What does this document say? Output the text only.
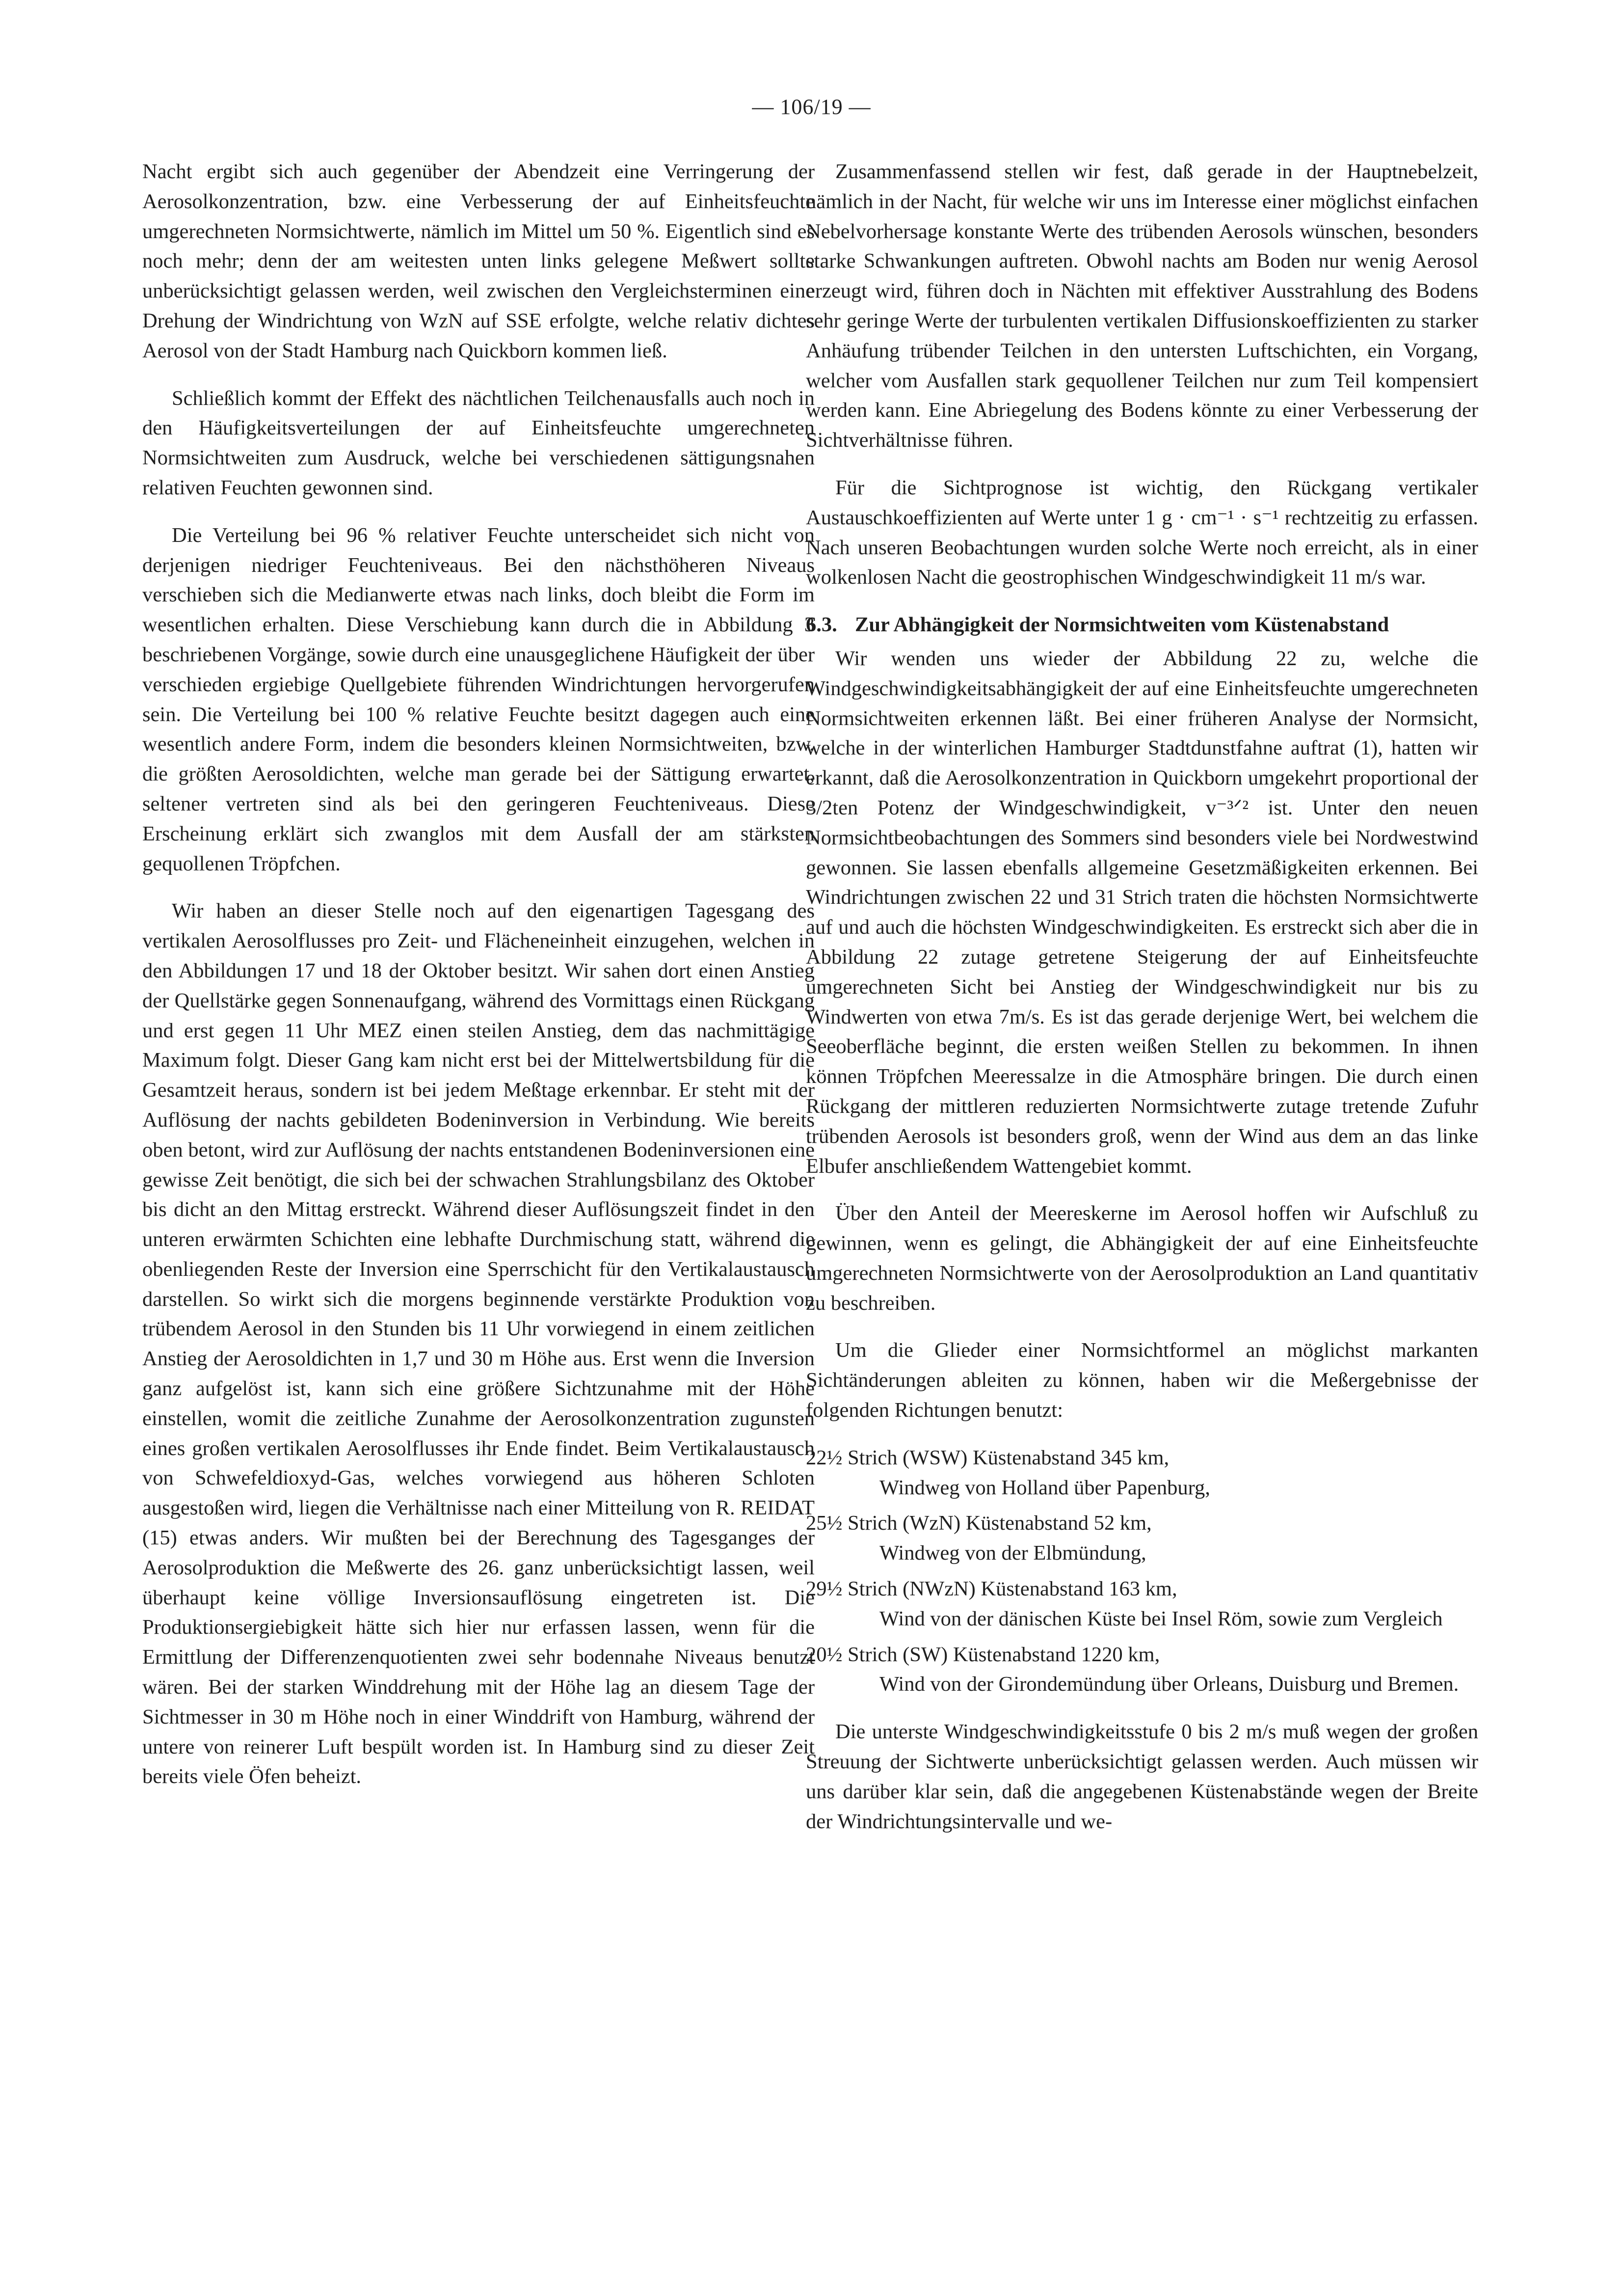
— 106/19 —

Nacht ergibt sich auch gegenüber der Abendzeit eine Verringerung der Aerosolkonzentration, bzw. eine Verbesserung der auf Einheitsfeuchte umgerechneten Normsichtwerte, nämlich im Mittel um 50 %. Eigentlich sind es noch mehr; denn der am weitesten unten links gelegene Meßwert sollte unberücksichtigt gelassen werden, weil zwischen den Vergleichsterminen eine Drehung der Windrichtung von WzN auf SSE erfolgte, welche relativ dichtes Aerosol von der Stadt Hamburg nach Quickborn kommen ließ.

Schließlich kommt der Effekt des nächtlichen Teilchenausfalls auch noch in den Häufigkeitsverteilungen der auf Einheitsfeuchte umgerechneten Normsichtweiten zum Ausdruck, welche bei verschiedenen sättigungsnahen relativen Feuchten gewonnen sind.

Die Verteilung bei 96 % relativer Feuchte unterscheidet sich nicht von derjenigen niedriger Feuchteniveaus. Bei den nächsthöheren Niveaus verschieben sich die Medianwerte etwas nach links, doch bleibt die Form im wesentlichen erhalten. Diese Verschiebung kann durch die in Abbildung 3 beschriebenen Vorgänge, sowie durch eine unausgeglichene Häufigkeit der über verschieden ergiebige Quellgebiete führenden Windrichtungen hervorgerufen sein. Die Verteilung bei 100 % relative Feuchte besitzt dagegen auch eine wesentlich andere Form, indem die besonders kleinen Normsichtweiten, bzw. die größten Aerosoldichten, welche man gerade bei der Sättigung erwartet, seltener vertreten sind als bei den geringeren Feuchteniveaus. Diese Erscheinung erklärt sich zwanglos mit dem Ausfall der am stärksten gequollenen Tröpfchen.

Wir haben an dieser Stelle noch auf den eigenartigen Tagesgang des vertikalen Aerosolflusses pro Zeit- und Flächeneinheit einzugehen, welchen in den Abbildungen 17 und 18 der Oktober besitzt. Wir sahen dort einen Anstieg der Quellstärke gegen Sonnenaufgang, während des Vormittags einen Rückgang und erst gegen 11 Uhr MEZ einen steilen Anstieg, dem das nachmittägige Maximum folgt. Dieser Gang kam nicht erst bei der Mittelwertsbildung für die Gesamtzeit heraus, sondern ist bei jedem Meßtage erkennbar. Er steht mit der Auflösung der nachts gebildeten Bodeninversion in Verbindung. Wie bereits oben betont, wird zur Auflösung der nachts entstandenen Bodeninversionen eine gewisse Zeit benötigt, die sich bei der schwachen Strahlungsbilanz des Oktober bis dicht an den Mittag erstreckt. Während dieser Auflösungszeit findet in den unteren erwärmten Schichten eine lebhafte Durchmischung statt, während die obenliegenden Reste der Inversion eine Sperrschicht für den Vertikalaustausch darstellen. So wirkt sich die morgens beginnende verstärkte Produktion von trübendem Aerosol in den Stunden bis 11 Uhr vorwiegend in einem zeitlichen Anstieg der Aerosoldichten in 1,7 und 30 m Höhe aus. Erst wenn die Inversion ganz aufgelöst ist, kann sich eine größere Sichtzunahme mit der Höhe einstellen, womit die zeitliche Zunahme der Aerosolkonzentration zugunsten eines großen vertikalen Aerosolflusses ihr Ende findet. Beim Vertikalaustausch von Schwefeldioxyd-Gas, welches vorwiegend aus höheren Schloten ausgestoßen wird, liegen die Verhältnisse nach einer Mitteilung von R. REIDAT (15) etwas anders. Wir mußten bei der Berechnung des Tagesganges der Aerosolproduktion die Meßwerte des 26. ganz unberücksichtigt lassen, weil überhaupt keine völlige Inversionsauflösung eingetreten ist. Die Produktionsergiebigkeit hätte sich hier nur erfassen lassen, wenn für die Ermittlung der Differenzenquotienten zwei sehr bodennahe Niveaus benutzt wären. Bei der starken Winddrehung mit der Höhe lag an diesem Tage der Sichtmesser in 30 m Höhe noch in einer Winddrift von Hamburg, während der untere von reinerer Luft bespült worden ist. In Hamburg sind zu dieser Zeit bereits viele Öfen beheizt.

Zusammenfassend stellen wir fest, daß gerade in der Hauptnebelzeit, nämlich in der Nacht, für welche wir uns im Interesse einer möglichst einfachen Nebelvorhersage konstante Werte des trübenden Aerosols wünschen, besonders starke Schwankungen auftreten. Obwohl nachts am Boden nur wenig Aerosol erzeugt wird, führen doch in Nächten mit effektiver Ausstrahlung des Bodens sehr geringe Werte der turbulenten vertikalen Diffusionskoeffizienten zu starker Anhäufung trübender Teilchen in den untersten Luftschichten, ein Vorgang, welcher vom Ausfallen stark gequollener Teilchen nur zum Teil kompensiert werden kann. Eine Abriegelung des Bodens könnte zu einer Verbesserung der Sichtverhältnisse führen.

Für die Sichtprognose ist wichtig, den Rückgang vertikaler Austauschkoeffizienten auf Werte unter 1 g · cm⁻¹ · s⁻¹ rechtzeitig zu erfassen. Nach unseren Beobachtungen wurden solche Werte noch erreicht, als in einer wolkenlosen Nacht die geostrophischen Windgeschwindigkeit 11 m/s war.

6.3. Zur Abhängigkeit der Normsichtweiten vom Küstenabstand

Wir wenden uns wieder der Abbildung 22 zu, welche die Windgeschwindigkeitsabhängigkeit der auf eine Einheitsfeuchte umgerechneten Normsichtweiten erkennen läßt. Bei einer früheren Analyse der Normsicht, welche in der winterlichen Hamburger Stadtdunstfahne auftrat (1), hatten wir erkannt, daß die Aerosolkonzentration in Quickborn umgekehrt proportional der 3/2ten Potenz der Windgeschwindigkeit, v⁻³ᐟ² ist. Unter den neuen Normsichtbeobachtungen des Sommers sind besonders viele bei Nordwestwind gewonnen. Sie lassen ebenfalls allgemeine Gesetzmäßigkeiten erkennen. Bei Windrichtungen zwischen 22 und 31 Strich traten die höchsten Normsichtwerte auf und auch die höchsten Windgeschwindigkeiten. Es erstreckt sich aber die in Abbildung 22 zutage getretene Steigerung der auf Einheitsfeuchte umgerechneten Sicht bei Anstieg der Windgeschwindigkeit nur bis zu Windwerten von etwa 7m/s. Es ist das gerade derjenige Wert, bei welchem die Seeoberfläche beginnt, die ersten weißen Stellen zu bekommen. In ihnen können Tröpfchen Meeressalze in die Atmosphäre bringen. Die durch einen Rückgang der mittleren reduzierten Normsichtwerte zutage tretende Zufuhr trübenden Aerosols ist besonders groß, wenn der Wind aus dem an das linke Elbufer anschließendem Wattengebiet kommt.

Über den Anteil der Meereskerne im Aerosol hoffen wir Aufschluß zu gewinnen, wenn es gelingt, die Abhängigkeit der auf eine Einheitsfeuchte umgerechneten Normsichtwerte von der Aerosolproduktion an Land quantitativ zu beschreiben.

Um die Glieder einer Normsichtformel an möglichst markanten Sichtänderungen ableiten zu können, haben wir die Meßergebnisse der folgenden Richtungen benutzt:

22½ Strich (WSW) Küstenabstand 345 km,
Windweg von Holland über Papenburg,
25½ Strich (WzN) Küstenabstand 52 km,
Windweg von der Elbmündung,
29½ Strich (NWzN) Küstenabstand 163 km,
Wind von der dänischen Küste bei Insel Röm, sowie zum Vergleich
20½ Strich (SW) Küstenabstand 1220 km,
Wind von der Girondemündung über Orleans, Duisburg und Bremen.

Die unterste Windgeschwindigkeitsstufe 0 bis 2 m/s muß wegen der großen Streuung der Sichtwerte unberücksichtigt gelassen werden. Auch müssen wir uns darüber klar sein, daß die angegebenen Küstenabstände wegen der Breite der Windrichtungsintervalle und we-
